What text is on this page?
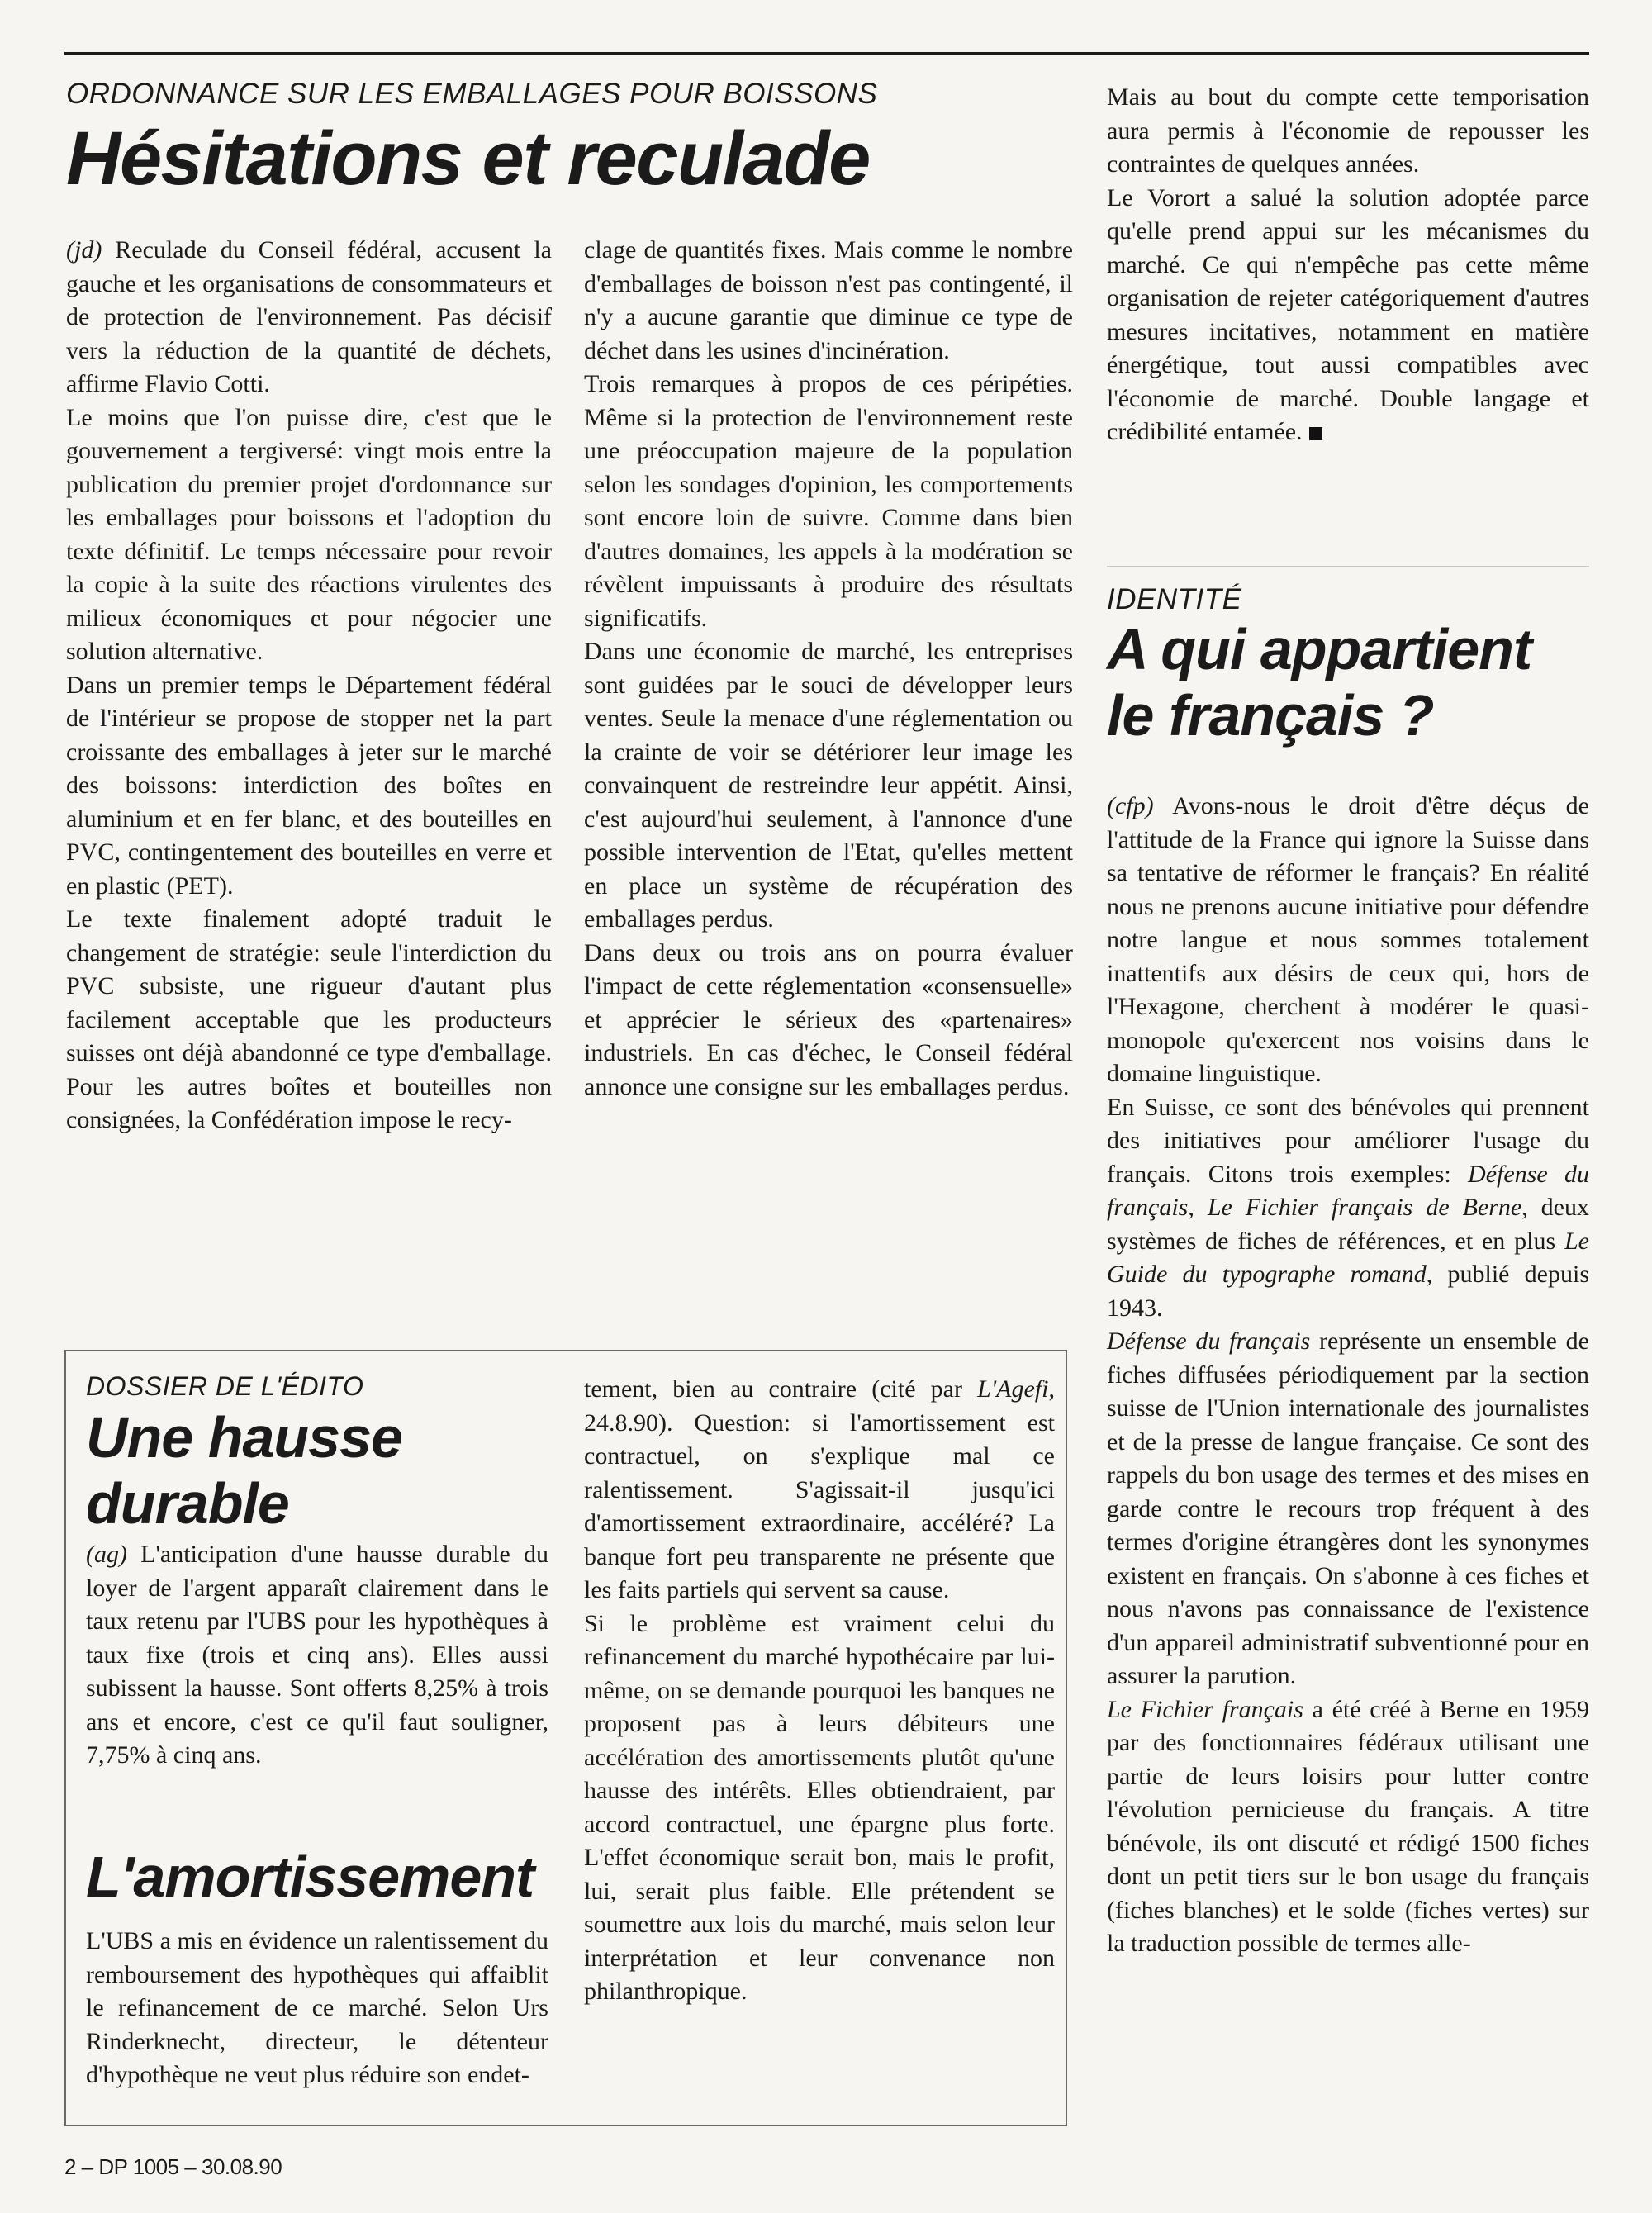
ORDONNANCE SUR LES EMBALLAGES POUR BOISSONS
Hésitations et reculade

(jd) Reculade du Conseil fédéral, accusent la gauche et les organisations de consommateurs et de protection de l'environnement. Pas décisif vers la réduction de la quantité de déchets, affirme Flavio Cotti.

Le moins que l'on puisse dire, c'est que le gouvernement a tergiversé: vingt mois entre la publication du premier projet d'ordonnance sur les emballages pour boissons et l'adoption du texte définitif. Le temps nécessaire pour revoir la copie à la suite des réactions virulentes des milieux économiques et pour négocier une solution alternative.

Dans un premier temps le Département fédéral de l'intérieur se propose de stopper net la part croissante des emballages à jeter sur le marché des boissons: interdiction des boîtes en aluminium et en fer blanc, et des bouteilles en PVC, contingentement des bouteilles en verre et en plastic (PET).

Le texte finalement adopté traduit le changement de stratégie: seule l'interdiction du PVC subsiste, une rigueur d'autant plus facilement acceptable que les producteurs suisses ont déjà abandonné ce type d'emballage. Pour les autres boîtes et bouteilles non consignées, la Confédération impose le recy-

clage de quantités fixes. Mais comme le nombre d'emballages de boisson n'est pas contingenté, il n'y a aucune garantie que diminue ce type de déchet dans les usines d'incinération.

Trois remarques à propos de ces péripéties. Même si la protection de l'environnement reste une préoccupation majeure de la population selon les sondages d'opinion, les comportements sont encore loin de suivre. Comme dans bien d'autres domaines, les appels à la modération se révèlent impuissants à produire des résultats significatifs.

Dans une économie de marché, les entreprises sont guidées par le souci de développer leurs ventes. Seule la menace d'une réglementation ou la crainte de voir se détériorer leur image les convainquent de restreindre leur appétit. Ainsi, c'est aujourd'hui seulement, à l'annonce d'une possible intervention de l'Etat, qu'elles mettent en place un système de récupération des emballages perdus.

Dans deux ou trois ans on pourra évaluer l'impact de cette réglementation «consensuelle» et apprécier le sérieux des «partenaires» industriels. En cas d'échec, le Conseil fédéral annonce une consigne sur les emballages perdus.

Mais au bout du compte cette temporisation aura permis à l'économie de repousser les contraintes de quelques années.

Le Vorort a salué la solution adoptée parce qu'elle prend appui sur les mécanismes du marché. Ce qui n'empêche pas cette même organisation de rejeter catégoriquement d'autres mesures incitatives, notamment en matière énergétique, tout aussi compatibles avec l'économie de marché. Double langage et crédibilité entamée.

IDENTITÉ
A qui appartient le français ?

(cfp) Avons-nous le droit d'être déçus de l'attitude de la France qui ignore la Suisse dans sa tentative de réformer le français? En réalité nous ne prenons aucune initiative pour défendre notre langue et nous sommes totalement inattentifs aux désirs de ceux qui, hors de l'Hexagone, cherchent à modérer le quasi-monopole qu'exercent nos voisins dans le domaine linguistique.

En Suisse, ce sont des bénévoles qui prennent des initiatives pour améliorer l'usage du français. Citons trois exemples: Défense du français, Le Fichier français de Berne, deux systèmes de fiches de références, et en plus Le Guide du typographe romand, publié depuis 1943.

Défense du français représente un ensemble de fiches diffusées périodiquement par la section suisse de l'Union internationale des journalistes et de la presse de langue française. Ce sont des rappels du bon usage des termes et des mises en garde contre le recours trop fréquent à des termes d'origine étrangères dont les synonymes existent en français. On s'abonne à ces fiches et nous n'avons pas connaissance de l'existence d'un appareil administratif subventionné pour en assurer la parution.

Le Fichier français a été créé à Berne en 1959 par des fonctionnaires fédéraux utilisant une partie de leurs loisirs pour lutter contre l'évolution pernicieuse du français. A titre bénévole, ils ont discuté et rédigé 1500 fiches dont un petit tiers sur le bon usage du français (fiches blanches) et le solde (fiches vertes) sur la traduction possible de termes alle-

DOSSIER DE L'ÉDITO
Une hausse durable

(ag) L'anticipation d'une hausse durable du loyer de l'argent apparaît clairement dans le taux retenu par l'UBS pour les hypothèques à taux fixe (trois et cinq ans). Elles aussi subissent la hausse. Sont offerts 8,25% à trois ans et encore, c'est ce qu'il faut souligner, 7,75% à cinq ans.

L'amortissement

L'UBS a mis en évidence un ralentissement du remboursement des hypothèques qui affaiblit le refinancement de ce marché. Selon Urs Rinderknecht, directeur, le détenteur d'hypothèque ne veut plus réduire son endet-

tement, bien au contraire (cité par L'Agefi, 24.8.90). Question: si l'amortissement est contractuel, on s'explique mal ce ralentissement. S'agissait-il jusqu'ici d'amortissement extraordinaire, accéléré? La banque fort peu transparente ne présente que les faits partiels qui servent sa cause.

Si le problème est vraiment celui du refinancement du marché hypothécaire par lui-même, on se demande pourquoi les banques ne proposent pas à leurs débiteurs une accélération des amortissements plutôt qu'une hausse des intérêts. Elles obtiendraient, par accord contractuel, une épargne plus forte. L'effet économique serait bon, mais le profit, lui, serait plus faible. Elle prétendent se soumettre aux lois du marché, mais selon leur interprétation et leur convenance non philanthropique.

2 – DP 1005 – 30.08.90
